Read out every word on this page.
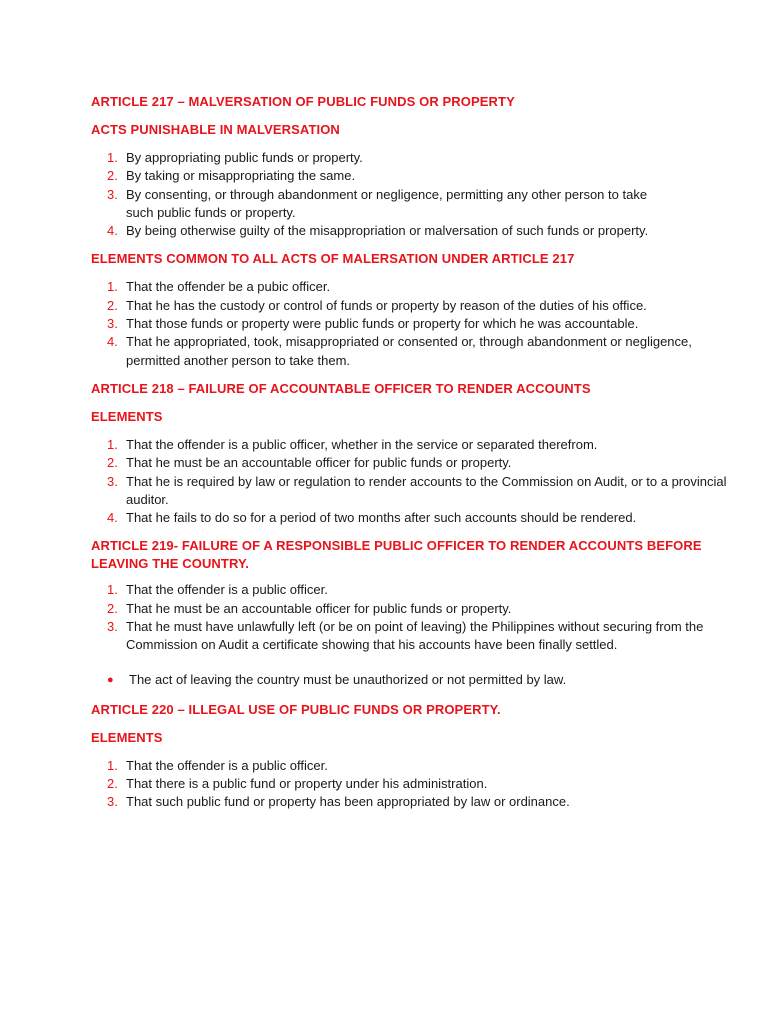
ARTICLE 217 – MALVERSATION OF PUBLIC FUNDS OR PROPERTY
ACTS PUNISHABLE IN MALVERSATION
1. By appropriating public funds or property.
2. By taking or misappropriating the same.
3. By consenting, or through abandonment or negligence, permitting any other person to take such public funds or property.
4. By being otherwise guilty of the misappropriation or malversation of such funds or property.
ELEMENTS COMMON TO ALL ACTS OF MALERSATION UNDER ARTICLE 217
1. That the offender be a pubic officer.
2. That he has the custody or control of funds or property by reason of the duties of his office.
3. That those funds or property were public funds or property for which he was accountable.
4. That he appropriated, took, misappropriated or consented or, through abandonment or negligence, permitted another person to take them.
ARTICLE 218 – FAILURE OF ACCOUNTABLE OFFICER TO RENDER ACCOUNTS
ELEMENTS
1. That the offender is a public officer, whether in the service or separated therefrom.
2. That he must be an accountable officer for public funds or property.
3. That he is required by law or regulation to render accounts to the Commission on Audit, or to a provincial auditor.
4. That he fails to do so for a period of two months after such accounts should be rendered.
ARTICLE 219- FAILURE OF A RESPONSIBLE PUBLIC OFFICER TO RENDER ACCOUNTS BEFORE LEAVING THE COUNTRY.
1. That the offender is a public officer.
2. That he must be an accountable officer for public funds or property.
3. That he must have unlawfully left (or be on point of leaving) the Philippines without securing from the Commission on Audit a certificate showing that his accounts have been finally settled.
●	The act of leaving the country must be unauthorized or not permitted by law.
ARTICLE 220 – ILLEGAL USE OF PUBLIC FUNDS OR PROPERTY.
ELEMENTS
1. That the offender is a public officer.
2. That there is a public fund or property under his administration.
3. That such public fund or property has been appropriated by law or ordinance.
